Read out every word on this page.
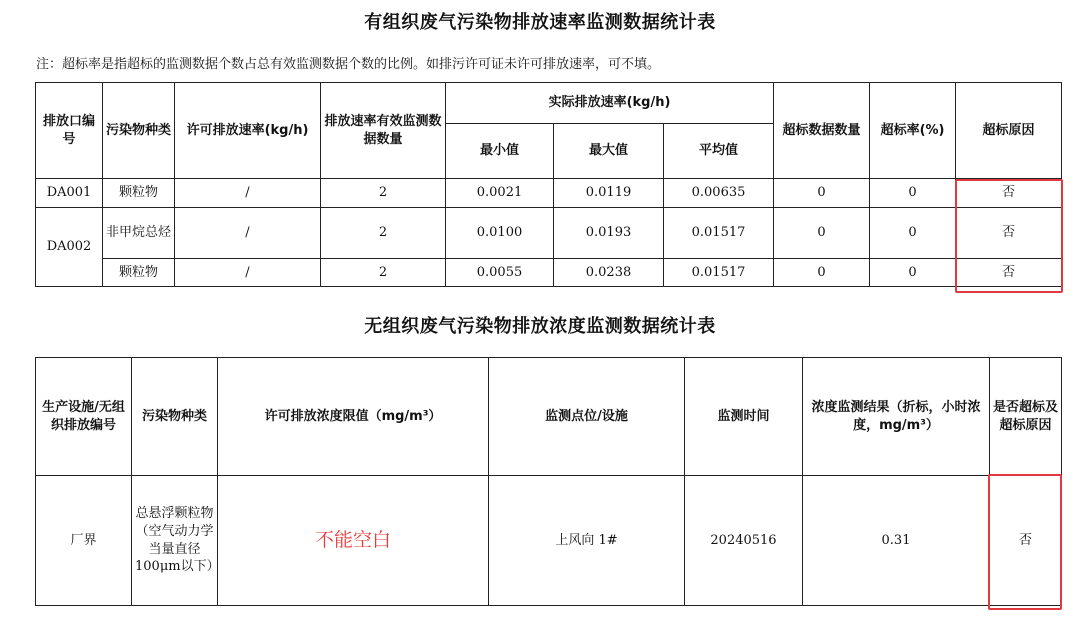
有组织废气污染物排放速率监测数据统计表
注：超标率是指超标的监测数据个数占总有效监测数据个数的比例。如排污许可证未许可排放速率，可不填。
排放口编号	污染物种类	许可排放速率(kg/h)	排放速率有效监测数据数量	实际排放速率(kg/h)			超标数据数量	超标率(%)	超标原因
				最小值	最大值	平均值			
DA001	颗粒物	/	2	0.0021	0.0119	0.00635	0	0	否
DA002	非甲烷总烃	/	2	0.0100	0.0193	0.01517	0	0	否
	颗粒物	/	2	0.0055	0.0238	0.01517	0	0	否
无组织废气污染物排放浓度监测数据统计表
生产设施/无组织排放编号	污染物种类	许可排放浓度限值（mg/m³）	监测点位/设施	监测时间	浓度监测结果（折标，小时浓度，mg/m³）	是否超标及超标原因
厂界	总悬浮颗粒物（空气动力学当量直径100μm以下）	不能空白	上风向 1#	20240516	0.31	否
